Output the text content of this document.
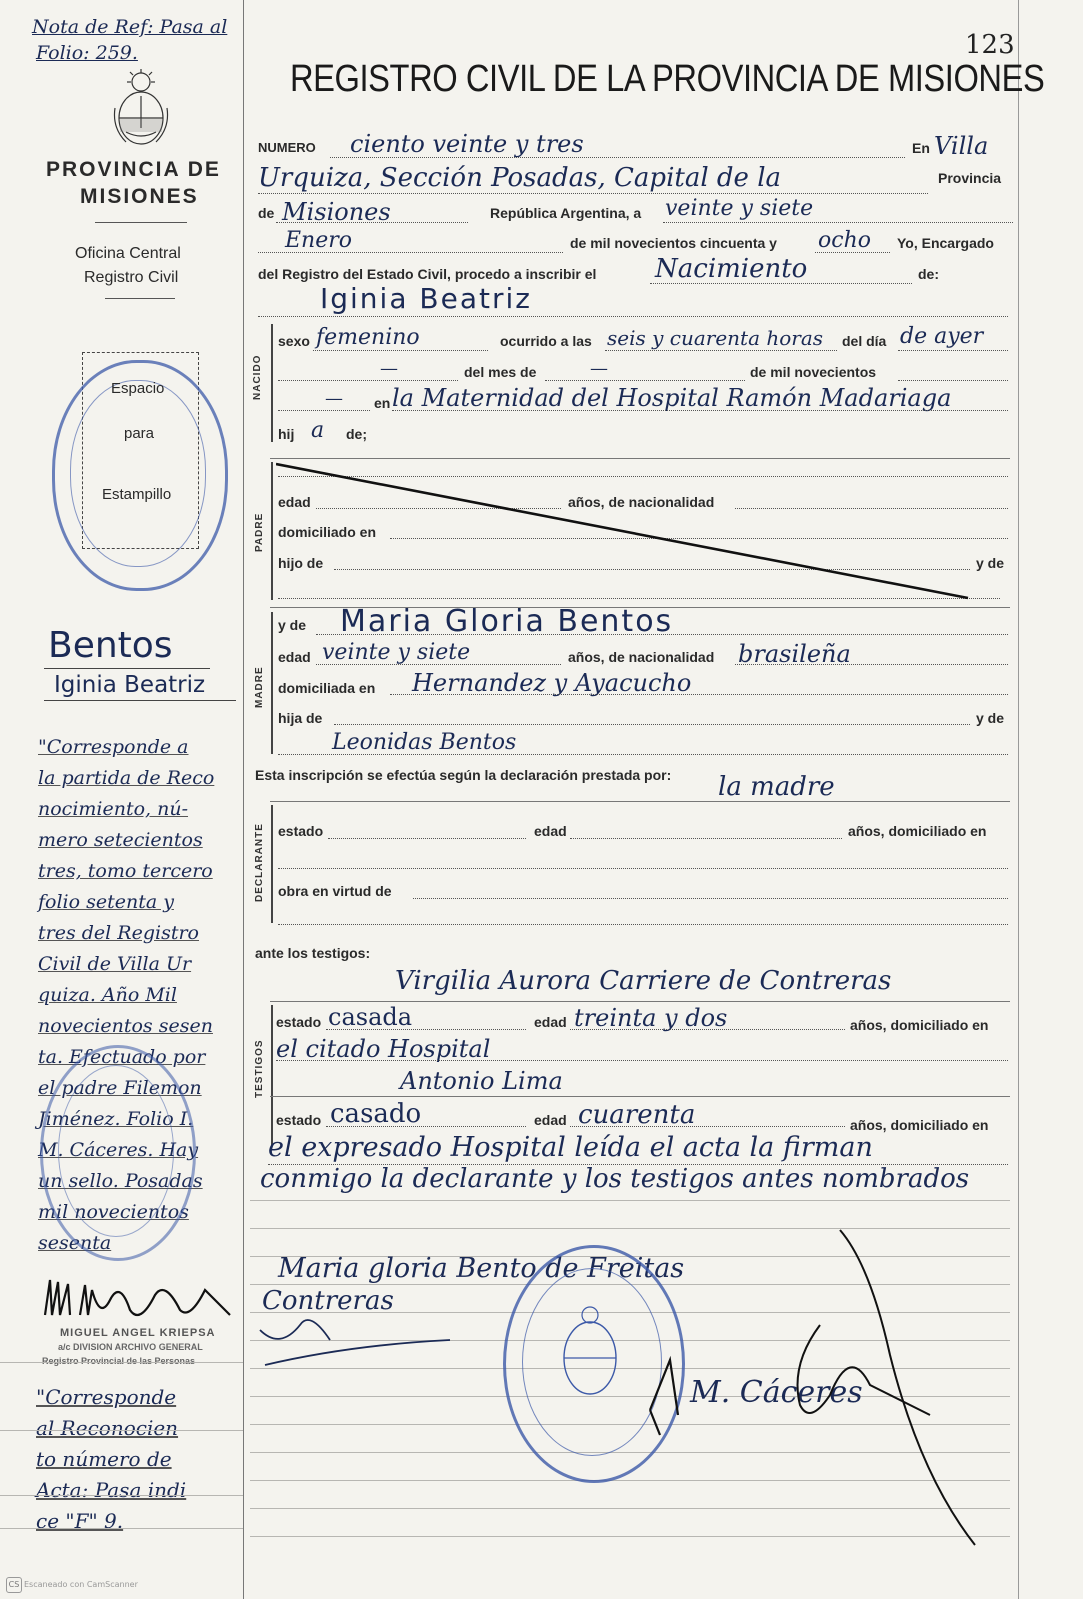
123
Nota de Ref: Pasa al
Folio: 259.
PROVINCIA DE
MISIONES
Oficina Central
Registro Civil
Espacio
para
Estampillo
Bentos
Iginia Beatriz
"Corresponde a
la partida de Reco
nocimiento, nú-
mero setecientos
tres, tomo tercero
folio setenta y
tres del Registro
Civil de Villa Ur
quiza. Año Mil
novecientos sesen
ta. Efectuado por
el padre Filemon
Jiménez. Folio I.
M. Cáceres. Hay
un sello. Posadas
mil novecientos
sesenta
MIGUEL ANGEL KRIEPSA
a/c DIVISION ARCHIVO GENERAL
Registro Provincial de las Personas
"Corresponde
al Reconocien
to número de
Acta: Pasa indi
ce "F" 9.
REGISTRO CIVIL DE LA PROVINCIA DE MISIONES
NUMERO ciento veinte y tres	En Villa
Urquiza, Sección Posadas, Capital de la	Provincia
de Misiones	República Argentina, a veinte y siete
Enero	de mil novecientos cincuenta y ocho Yo, Encargado
del Registro del Estado Civil, procedo a inscribir el Nacimiento	de:
Iginia Beatriz
NACIDO
sexo femenino	ocurrido a las seis y cuarenta horas del día de ayer
—	del mes de	—	de mil novecientos
— en la Maternidad del Hospital Ramón Madariaga
hij a de;
PADRE
edad	años, de nacionalidad
domiciliado en
hijo de	y de
MADRE
y de Maria Gloria Bentos
edad veinte y siete	años, de nacionalidad brasileña
domiciliada en Hernandez y Ayacucho
hija de	y de
Leonidas Bentos
Esta inscripción se efectúa según la declaración prestada por: la madre
DECLARANTE estado	edad	años, domiciliado en
obra en virtud de
ante los testigos:
Virgilia Aurora Carriere de Contreras
TESTIGOS
estado casada	edad treinta y dos	años, domiciliado en
el citado Hospital
Antonio Lima
estado casado	edad cuarenta	años, domiciliado en
el expresado Hospital leída el acta la firman
conmigo la declarante y los testigos antes nombrados
Maria gloria Bento de Freitas
Contreras
M. Cáceres
CS Escaneado con CamScanner
